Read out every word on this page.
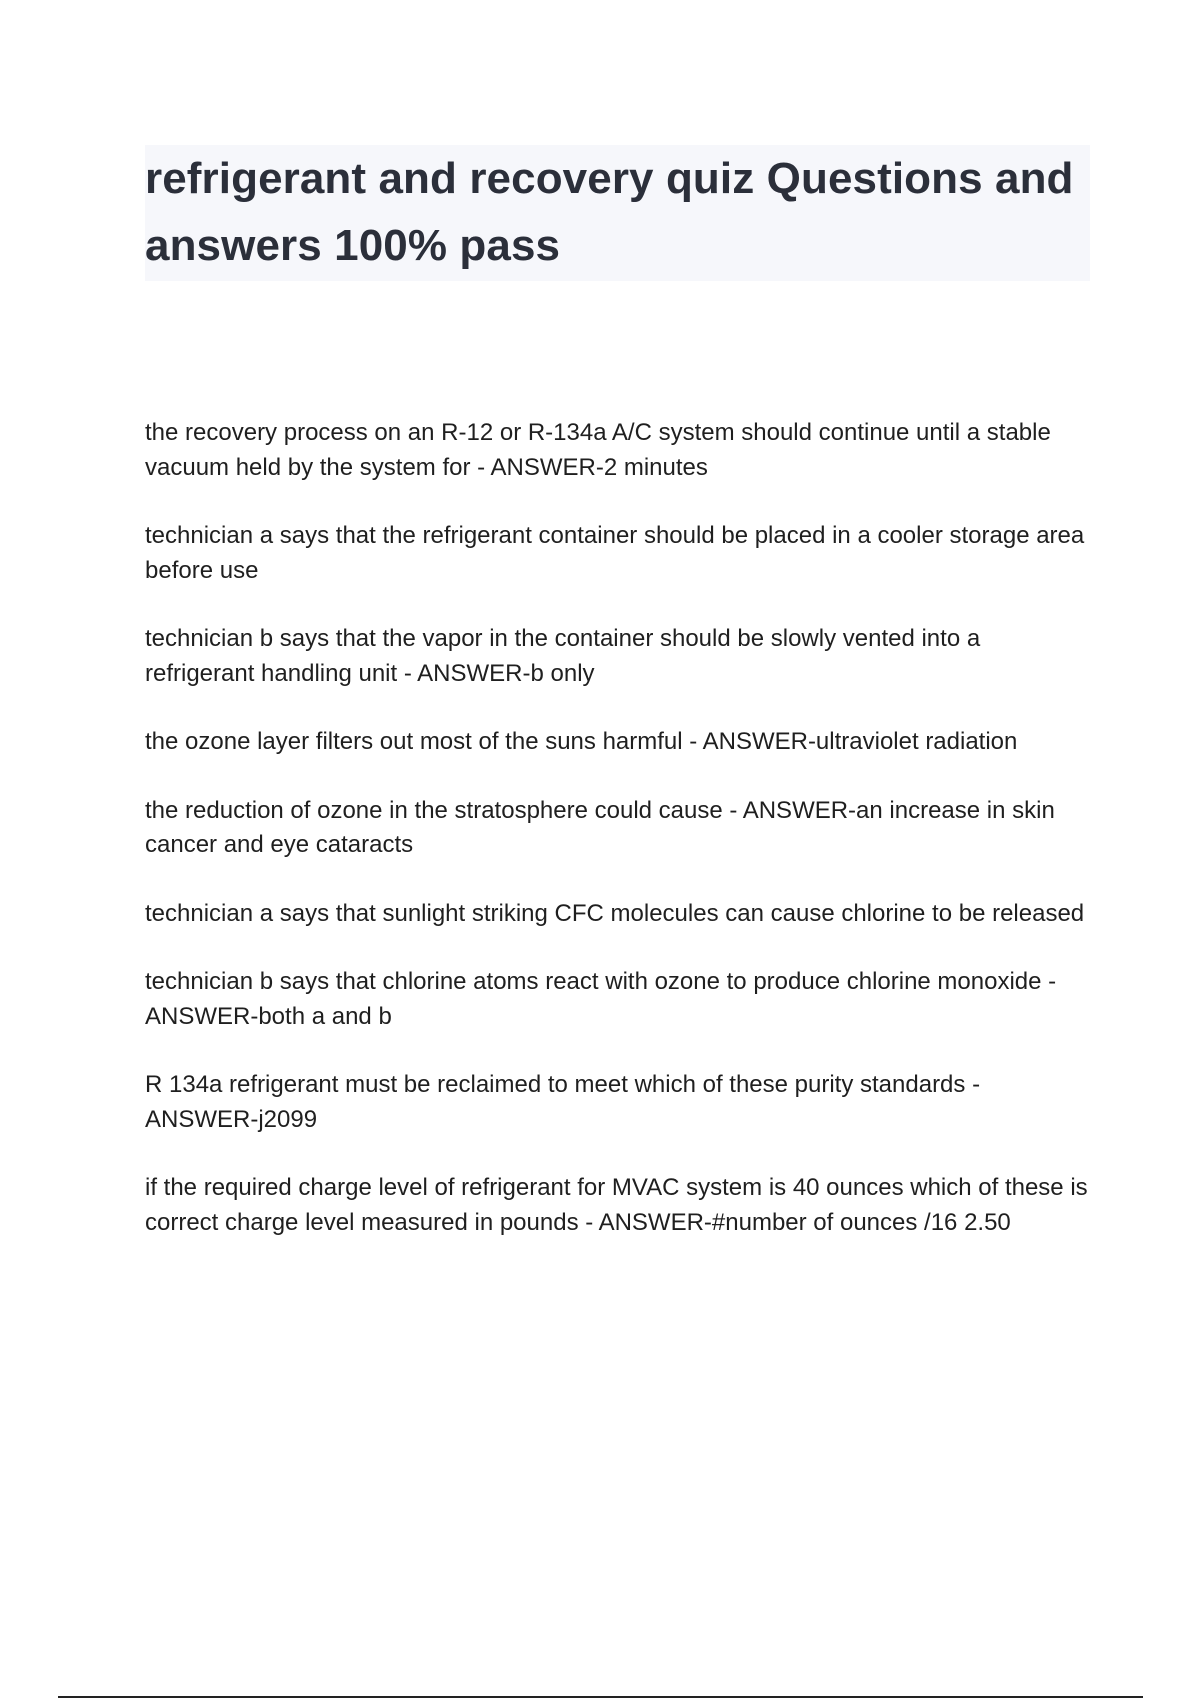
refrigerant and recovery quiz Questions and answers 100% pass

the recovery process on an R-12 or R-134a A/C system should continue until a stable vacuum held by the system for - ANSWER-2 minutes

technician a says that the refrigerant container should be placed in a cooler storage area before use

technician b says that the vapor in the container should be slowly vented into a refrigerant handling unit - ANSWER-b only

the ozone layer filters out most of the suns harmful - ANSWER-ultraviolet radiation

the reduction of ozone in the stratosphere could cause - ANSWER-an increase in skin cancer and eye cataracts

technician a says that sunlight striking CFC molecules can cause chlorine to be released

technician b says that chlorine atoms react with ozone to produce chlorine monoxide - ANSWER-both a and b

R 134a refrigerant must be reclaimed to meet which of these purity standards - ANSWER-j2099

if the required charge level of refrigerant for MVAC system is 40 ounces which of these is correct charge level measured in pounds - ANSWER-#number of ounces /16 2.50
